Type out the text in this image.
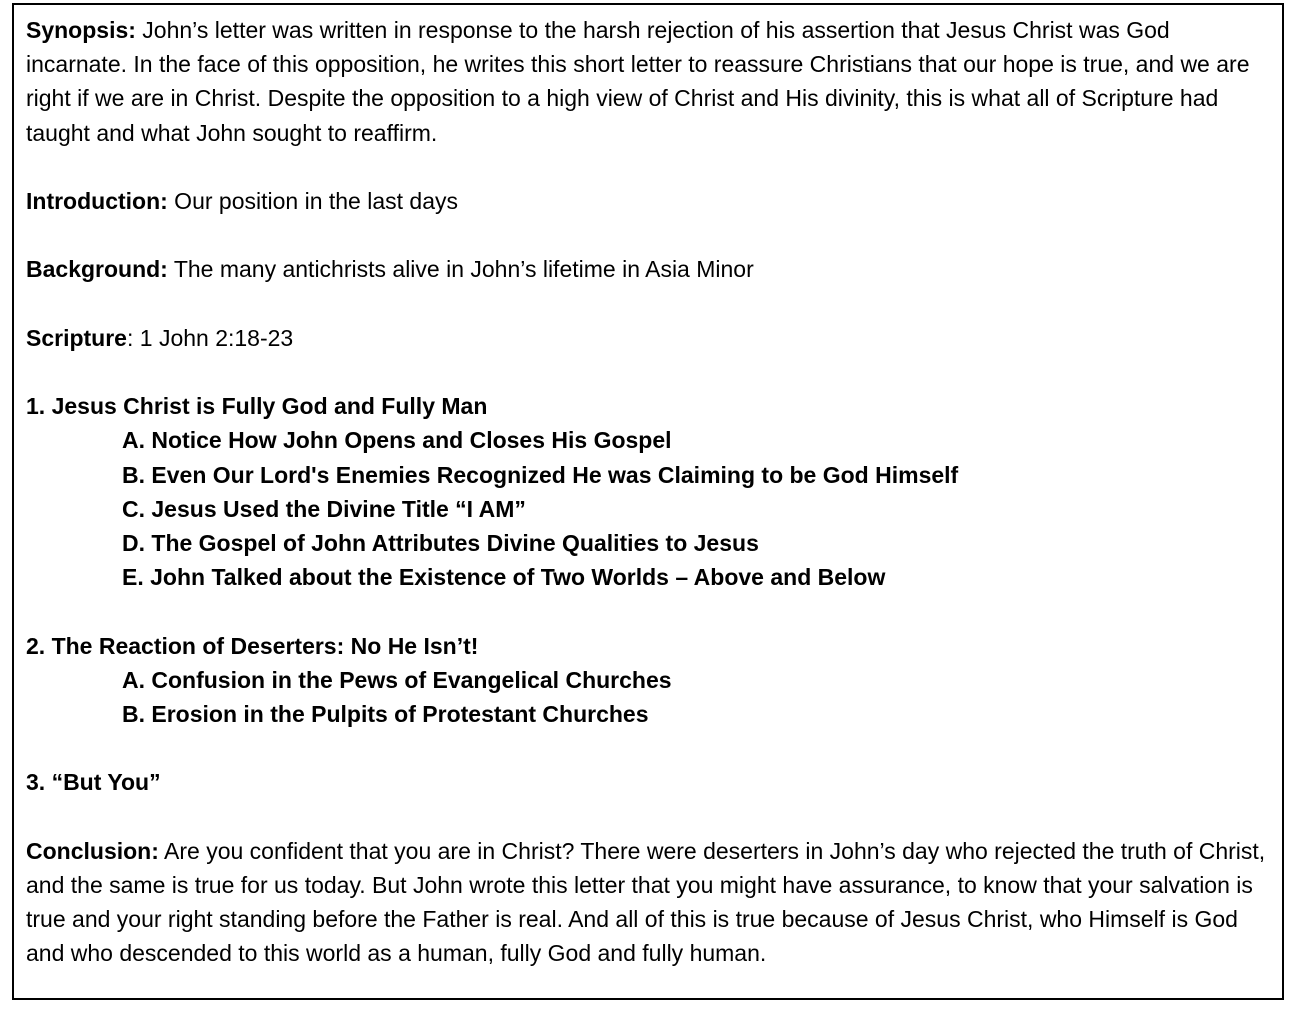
Synopsis: John’s letter was written in response to the harsh rejection of his assertion that Jesus Christ was God incarnate. In the face of this opposition, he writes this short letter to reassure Christians that our hope is true, and we are right if we are in Christ. Despite the opposition to a high view of Christ and His divinity, this is what all of Scripture had taught and what John sought to reaffirm.

Introduction: Our position in the last days

Background: The many antichrists alive in John’s lifetime in Asia Minor

Scripture: 1 John 2:18-23

1. Jesus Christ is Fully God and Fully Man

A. Notice How John Opens and Closes His Gospel

B. Even Our Lord's Enemies Recognized He was Claiming to be God Himself

C. Jesus Used the Divine Title “I AM”

D. The Gospel of John Attributes Divine Qualities to Jesus

E. John Talked about the Existence of Two Worlds – Above and Below

2. The Reaction of Deserters: No He Isn’t!

A. Confusion in the Pews of Evangelical Churches

B. Erosion in the Pulpits of Protestant Churches

3. “But You”

Conclusion: Are you confident that you are in Christ? There were deserters in John’s day who rejected the truth of Christ, and the same is true for us today. But John wrote this letter that you might have assurance, to know that your salvation is true and your right standing before the Father is real. And all of this is true because of Jesus Christ, who Himself is God and who descended to this world as a human, fully God and fully human.
